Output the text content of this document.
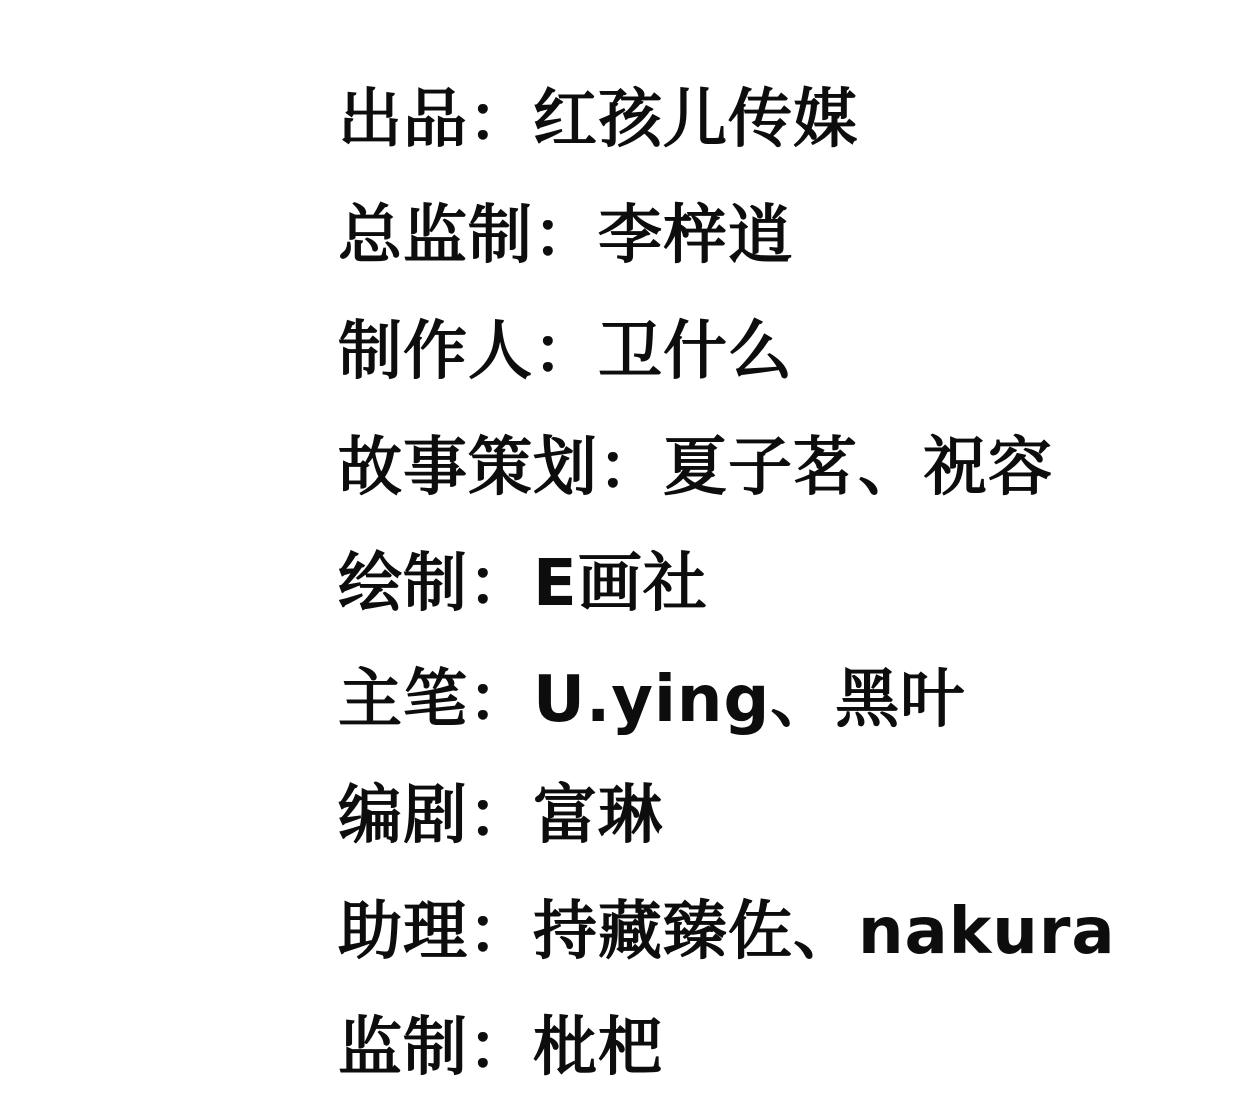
出品：红孩儿传媒
总监制：李梓逍
制作人：卫什么
故事策划：夏子茗、祝容
绘制：E画社
主笔：U.ying、黑叶
编剧：富琳
助理：持藏臻佐、nakura
监制：枇杷
